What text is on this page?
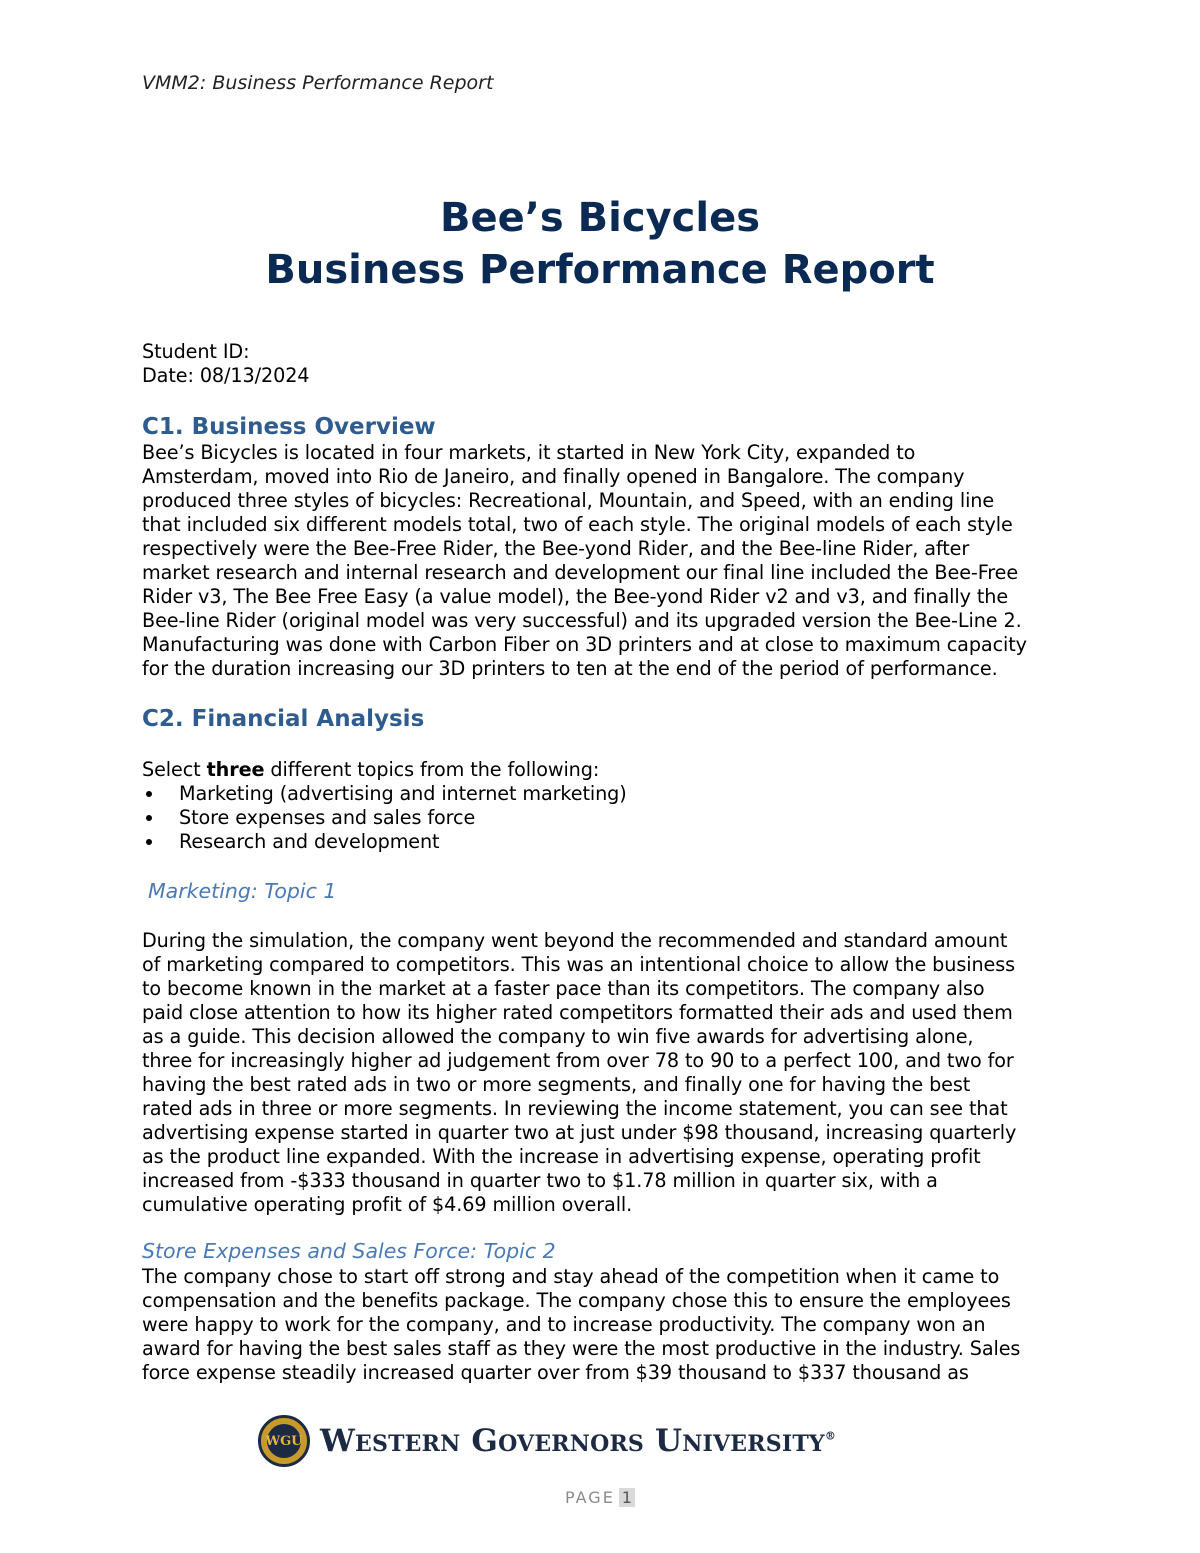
VMM2: Business Performance Report
Bee’s Bicycles
Business Performance Report
Student ID:
Date: 08/13/2024
C1. Business Overview
Bee’s Bicycles is located in four markets, it started in New York City, expanded to
Amsterdam, moved into Rio de Janeiro, and finally opened in Bangalore. The company
produced three styles of bicycles: Recreational, Mountain, and Speed, with an ending line
that included six different models total, two of each style. The original models of each style
respectively were the Bee-Free Rider, the Bee-yond Rider, and the Bee-line Rider, after
market research and internal research and development our final line included the Bee-Free
Rider v3, The Bee Free Easy (a value model), the Bee-yond Rider v2 and v3, and finally the
Bee-line Rider (original model was very successful) and its upgraded version the Bee-Line 2.
Manufacturing was done with Carbon Fiber on 3D printers and at close to maximum capacity
for the duration increasing our 3D printers to ten at the end of the period of performance.
C2. Financial Analysis
Select three different topics from the following:
Marketing (advertising and internet marketing)
Store expenses and sales force
Research and development
Marketing: Topic 1
During the simulation, the company went beyond the recommended and standard amount
of marketing compared to competitors. This was an intentional choice to allow the business
to become known in the market at a faster pace than its competitors. The company also
paid close attention to how its higher rated competitors formatted their ads and used them
as a guide. This decision allowed the company to win five awards for advertising alone,
three for increasingly higher ad judgement from over 78 to 90 to a perfect 100, and two for
having the best rated ads in two or more segments, and finally one for having the best
rated ads in three or more segments. In reviewing the income statement, you can see that
advertising expense started in quarter two at just under $98 thousand, increasing quarterly
as the product line expanded. With the increase in advertising expense, operating profit
increased from -$333 thousand in quarter two to $1.78 million in quarter six, with a
cumulative operating profit of $4.69 million overall.
Store Expenses and Sales Force: Topic 2
The company chose to start off strong and stay ahead of the competition when it came to
compensation and the benefits package. The company chose this to ensure the employees
were happy to work for the company, and to increase productivity. The company won an
award for having the best sales staff as they were the most productive in the industry. Sales
force expense steadily increased quarter over from $39 thousand to $337 thousand as
WGU Western Governors University®
PAGE 1
